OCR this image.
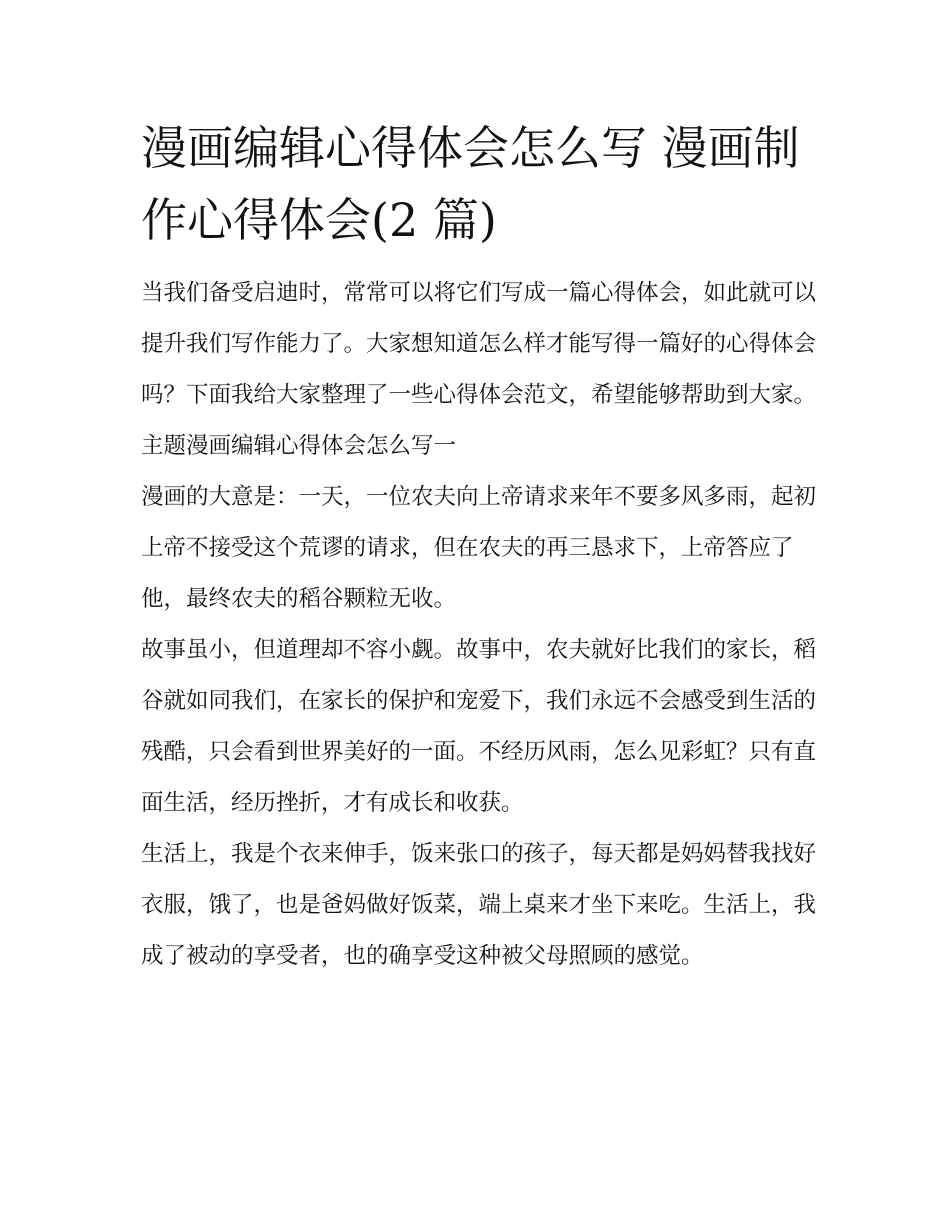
漫画编辑心得体会怎么写 漫画制作心得体会(2 篇)

当我们备受启迪时，常常可以将它们写成一篇心得体会，如此就可以提升我们写作能力了。大家想知道怎么样才能写得一篇好的心得体会吗？下面我给大家整理了一些心得体会范文，希望能够帮助到大家。

主题漫画编辑心得体会怎么写一

漫画的大意是：一天，一位农夫向上帝请求来年不要多风多雨，起初上帝不接受这个荒谬的请求，但在农夫的再三恳求下，上帝答应了他，最终农夫的稻谷颗粒无收。

故事虽小，但道理却不容小觑。故事中，农夫就好比我们的家长，稻谷就如同我们，在家长的保护和宠爱下，我们永远不会感受到生活的残酷，只会看到世界美好的一面。不经历风雨，怎么见彩虹？只有直面生活，经历挫折，才有成长和收获。

生活上，我是个衣来伸手，饭来张口的孩子，每天都是妈妈替我找好衣服，饿了，也是爸妈做好饭菜，端上桌来才坐下来吃。生活上，我成了被动的享受者，也的确享受这种被父母照顾的感觉。
